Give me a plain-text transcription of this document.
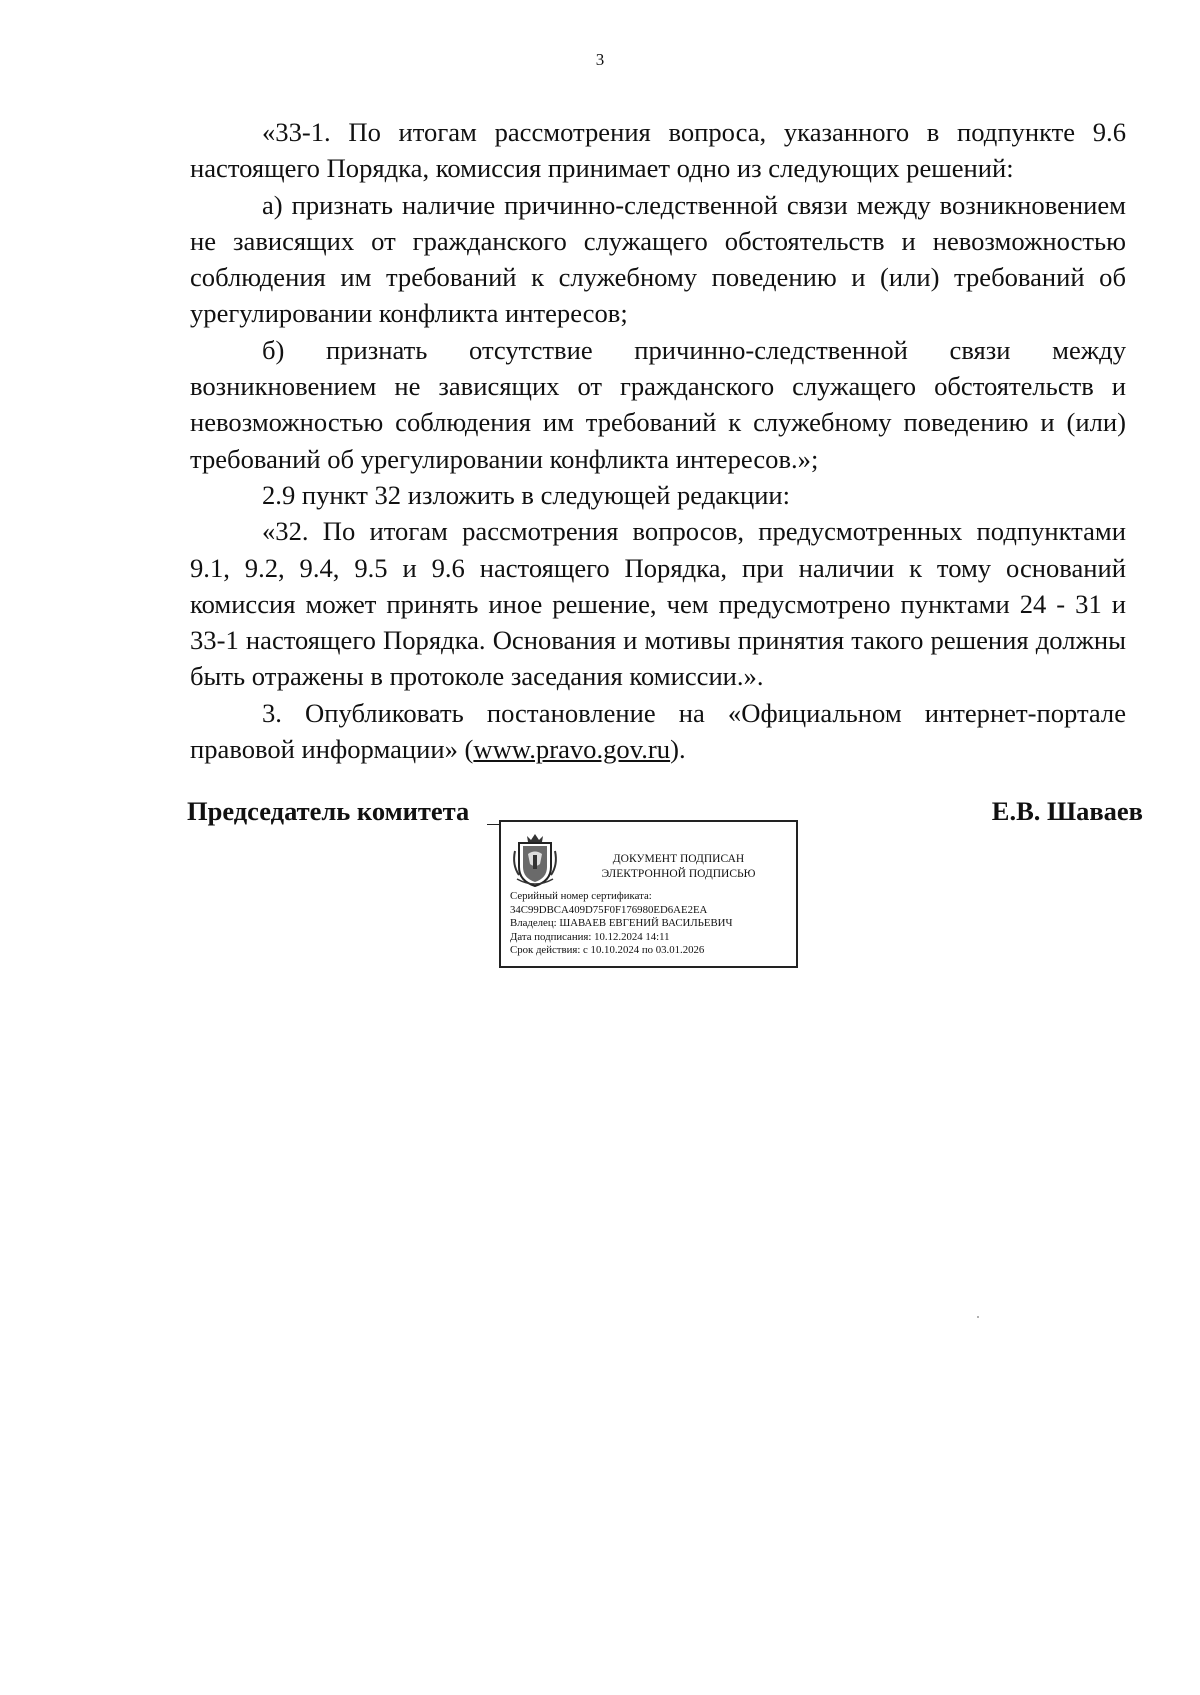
3

«33-1. По итогам рассмотрения вопроса, указанного в подпункте 9.6 настоящего Порядка, комиссия принимает одно из следующих решений:

а) признать наличие причинно-следственной связи между возникновением не зависящих от гражданского служащего обстоятельств и невозможностью соблюдения им требований к служебному поведению и (или) требований об урегулировании конфликта интересов;

б) признать отсутствие причинно-следственной связи между возникновением не зависящих от гражданского служащего обстоятельств и невозможностью соблюдения им требований к служебному поведению и (или) требований об урегулировании конфликта интересов.»;

2.9 пункт 32 изложить в следующей редакции:

«32. По итогам рассмотрения вопросов, предусмотренных подпунктами 9.1, 9.2, 9.4, 9.5 и 9.6 настоящего Порядка, при наличии к тому оснований комиссия может принять иное решение, чем предусмотрено пунктами 24 - 31 и 33-1 настоящего Порядка. Основания и мотивы принятия такого решения должны быть отражены в протоколе заседания комиссии.».

3. Опубликовать постановление на «Официальном интернет-портале правовой информации» (www.pravo.gov.ru).

Председатель комитета	Е.В. Шаваев
ДОКУМЕНТ ПОДПИСАН
ЭЛЕКТРОННОЙ ПОДПИСЬЮ
Серийный номер сертификата:
34C99DBCA409D75F0F176980ED6AE2EA
Владелец: ШАВАЕВ ЕВГЕНИЙ ВАСИЛЬЕВИЧ
Дата подписания: 10.12.2024 14:11
Срок действия: с 10.10.2024 по 03.01.2026
